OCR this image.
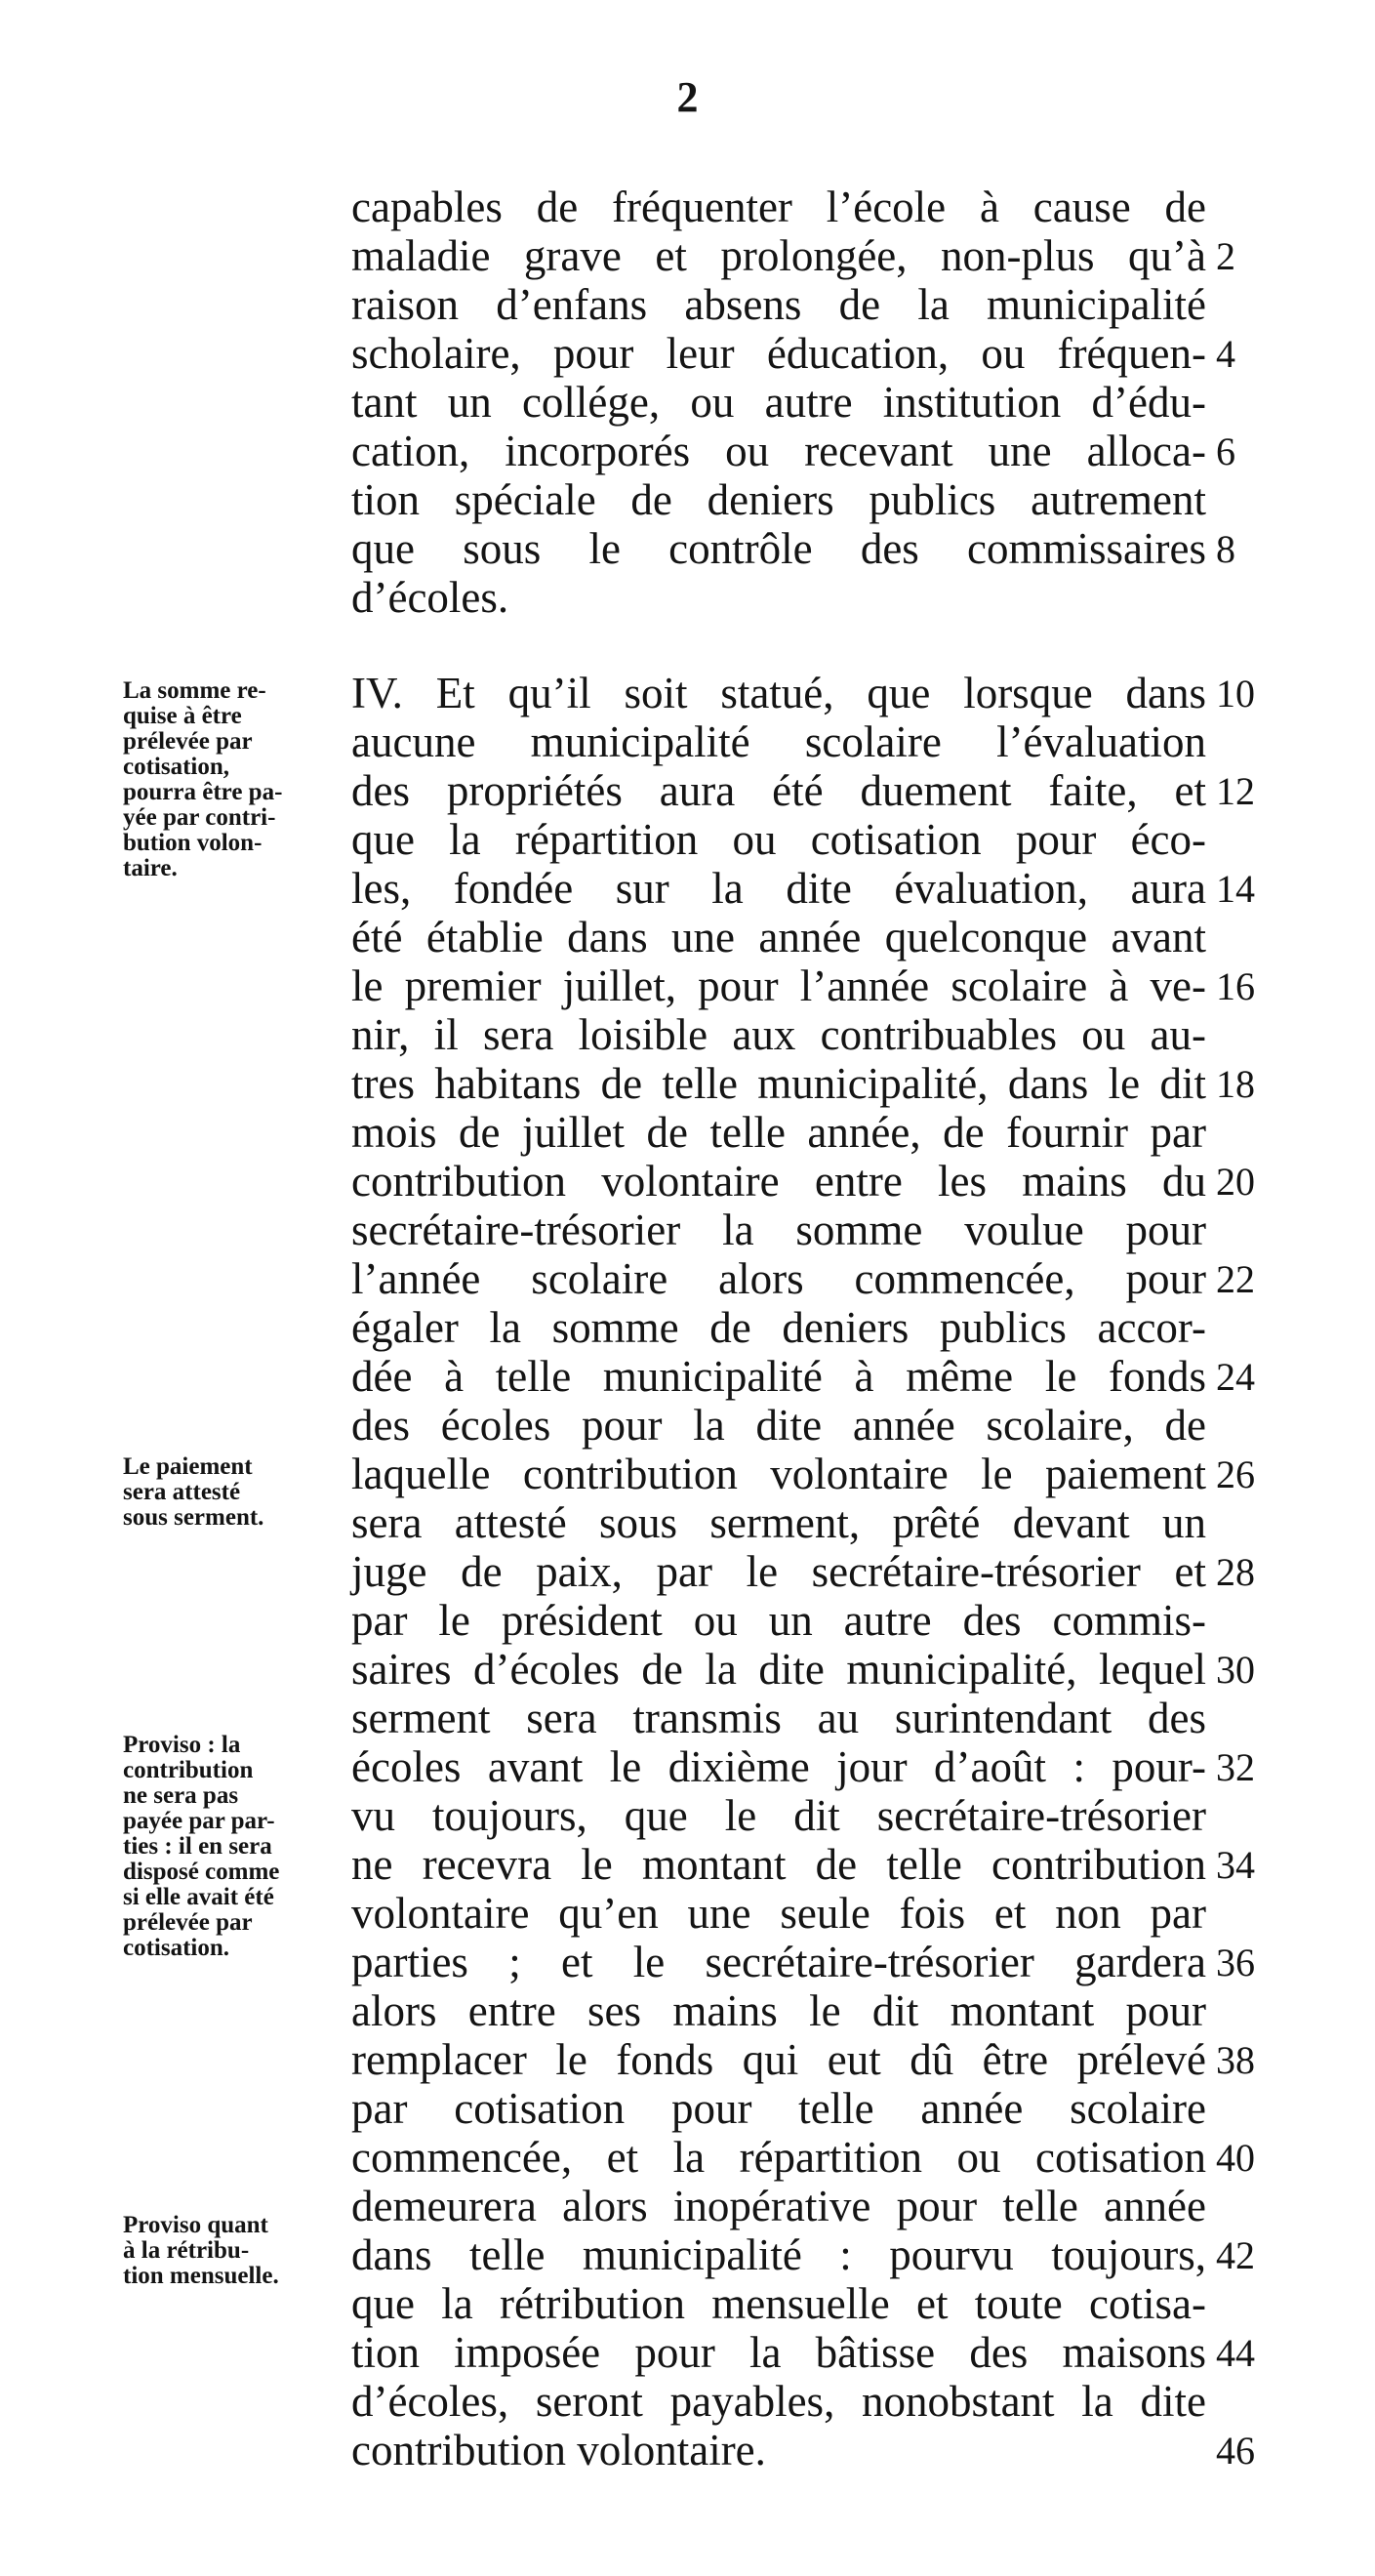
2
capables de fréquenter l’école à cause de
maladie grave et prolongée, non-plus qu’à
raison d’enfans absens de la municipalité
scholaire, pour leur éducation, ou fréquen-
tant un collége, ou autre institution d’édu-
cation, incorporés ou recevant une alloca-
tion spéciale de deniers publics autrement
que sous le contrôle des commissaires
d’écoles.
IV. Et qu’il soit statué, que lorsque dans
aucune municipalité scolaire l’évaluation
des propriétés aura été duement faite, et
que la répartition ou cotisation pour éco-
les, fondée sur la dite évaluation, aura
été établie dans une année quelconque avant
le premier juillet, pour l’année scolaire à ve-
nir, il sera loisible aux contribuables ou au-
tres habitans de telle municipalité, dans le dit
mois de juillet de telle année, de fournir par
contribution volontaire entre les mains du
secrétaire-trésorier la somme voulue pour
l’année scolaire alors commencée, pour
égaler la somme de deniers publics accor-
dée à telle municipalité à même le fonds
des écoles pour la dite année scolaire, de
laquelle contribution volontaire le paiement
sera attesté sous serment, prêté devant un
juge de paix, par le secrétaire-trésorier et
par le président ou un autre des commis-
saires d’écoles de la dite municipalité, lequel
serment sera transmis au surintendant des
écoles avant le dixième jour d’août : pour-
vu toujours, que le dit secrétaire-trésorier
ne recevra le montant de telle contribution
volontaire qu’en une seule fois et non par
parties ; et le secrétaire-trésorier gardera
alors entre ses mains le dit montant pour
remplacer le fonds qui eut dû être prélevé
par cotisation pour telle année scolaire
commencée, et la répartition ou cotisation
demeurera alors inopérative pour telle année
dans telle municipalité : pourvu toujours,
que la rétribution mensuelle et toute cotisa-
tion imposée pour la bâtisse des maisons
d’écoles, seront payables, nonobstant la dite
contribution volontaire.
2
4
6
8
10
12
14
16
18
20
22
24
26
28
30
32
34
36
38
40
42
44
46
La somme re-
quise à être
prélevée par
cotisation,
pourra être pa-
yée par contri-
bution volon-
taire.
Le paiement
sera attesté
sous serment.
Proviso : la
contribution
ne sera pas
payée par par-
ties : il en sera
disposé comme
si elle avait été
prélevée par
cotisation.
Proviso quant
à la rétribu-
tion mensuelle.
